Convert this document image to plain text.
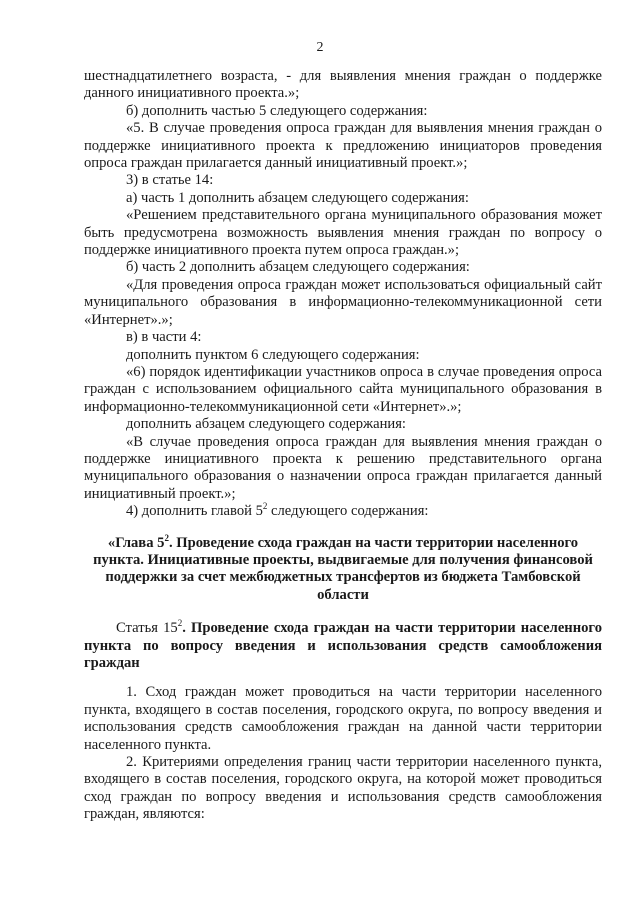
2

шестнадцатилетнего возраста, - для выявления мнения граждан о поддержке данного инициативного проекта.»;

б) дополнить частью 5 следующего содержания:

«5. В случае проведения опроса граждан для выявления мнения граждан о поддержке инициативного проекта к предложению инициаторов проведения опроса граждан прилагается данный инициативный проект.»;

3) в статье 14:

а) часть 1 дополнить абзацем следующего содержания:

«Решением представительного органа муниципального образования может быть предусмотрена возможность выявления мнения граждан по вопросу о поддержке инициативного проекта путем опроса граждан.»;

б) часть 2 дополнить абзацем следующего содержания:

«Для проведения опроса граждан может использоваться официальный сайт муниципального образования в информационно-телекоммуникационной сети «Интернет».»;

в) в части 4:

дополнить пунктом 6 следующего содержания:

«6) порядок идентификации участников опроса в случае проведения опроса граждан с использованием официального сайта муниципального образования в информационно-телекоммуникационной сети «Интернет».»;

дополнить абзацем следующего содержания:

«В случае проведения опроса граждан для выявления мнения граждан о поддержке инициативного проекта к решению представительного органа муниципального образования о назначении опроса граждан прилагается данный инициативный проект.»;

4) дополнить главой $5^2$ следующего содержания:

«Глава $5^2$. Проведение схода граждан на части территории населенного пункта. Инициативные проекты, выдвигаемые для получения финансовой поддержки за счет межбюджетных трансфертов из бюджета Тамбовской области

Статья $15^2$. Проведение схода граждан на части территории населенного пункта по вопросу введения и использования средств самообложения граждан

1. Сход граждан может проводиться на части территории населенного пункта, входящего в состав поселения, городского округа, по вопросу введения и использования средств самообложения граждан на данной части территории населенного пункта.

2. Критериями определения границ части территории населенного пункта, входящего в состав поселения, городского округа, на которой может проводиться сход граждан по вопросу введения и использования средств самообложения граждан, являются:
